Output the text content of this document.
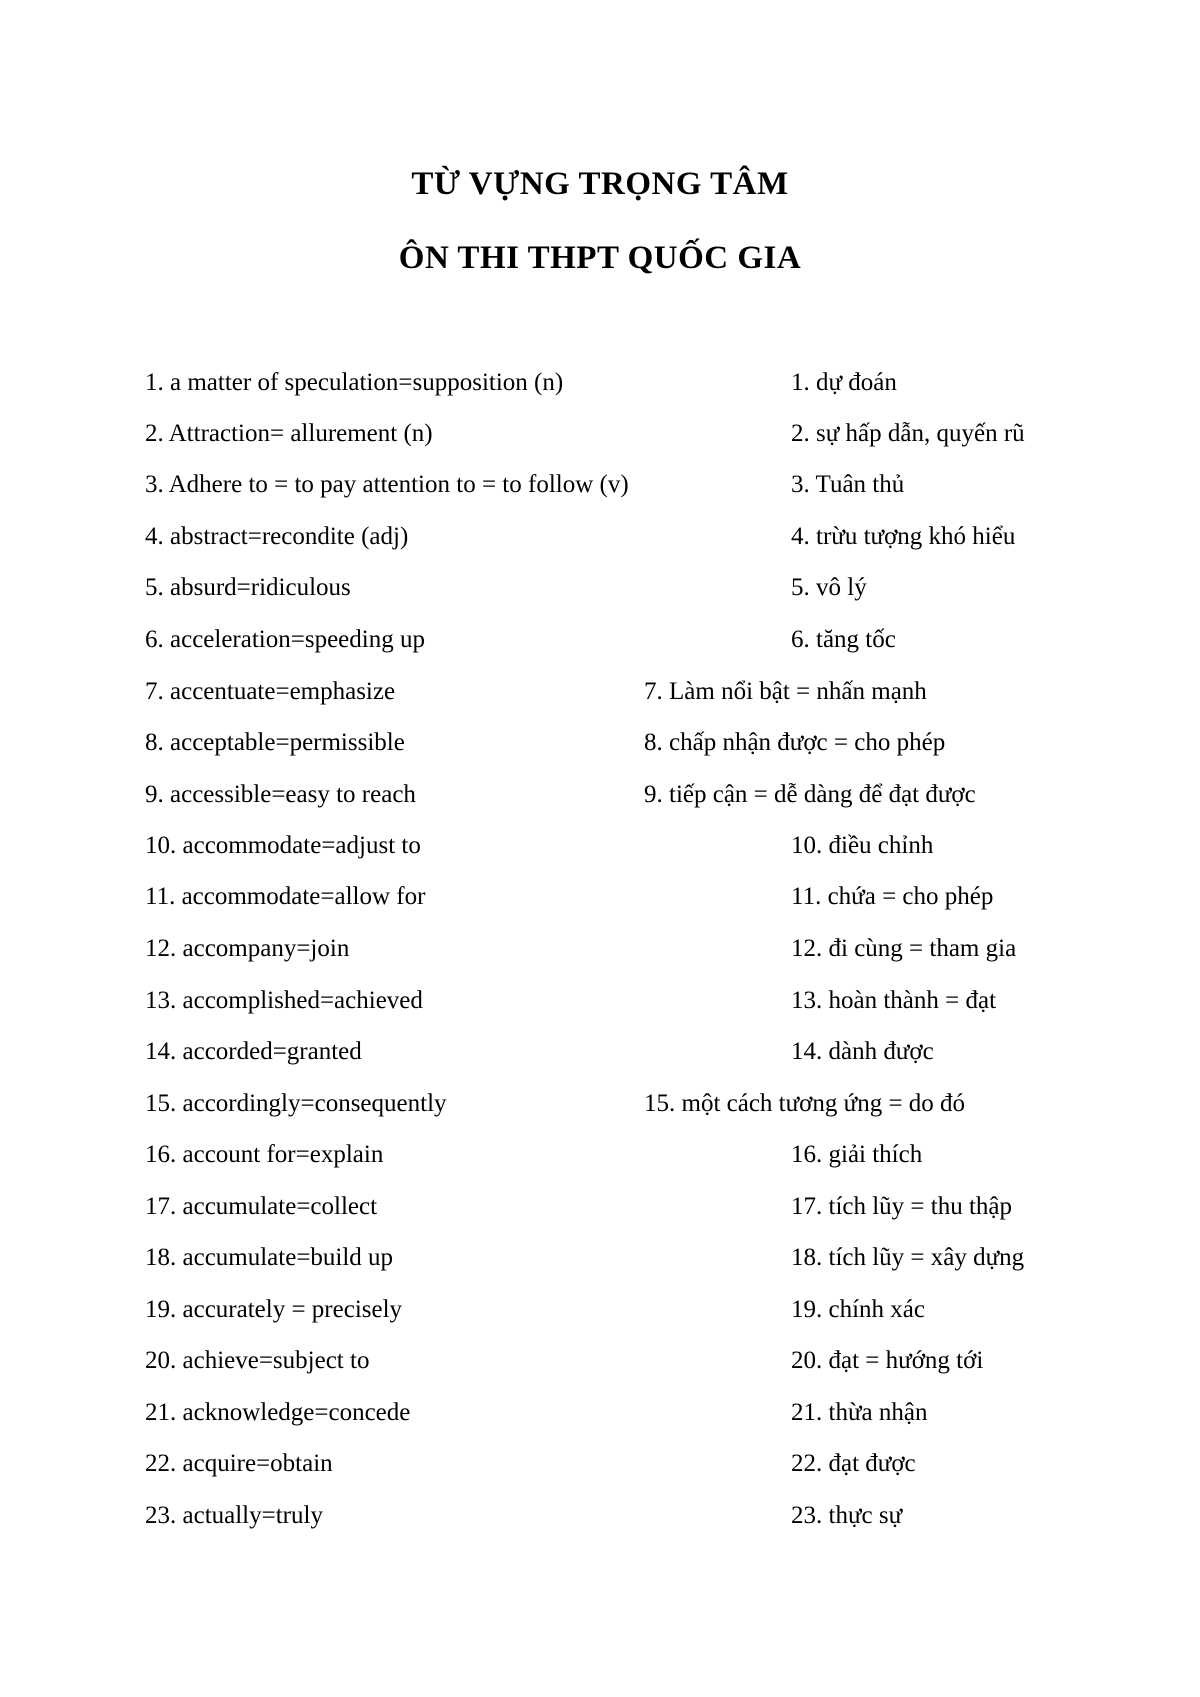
TỪ VỰNG TRỌNG TÂM
ÔN THI THPT QUỐC GIA
1. a matter of speculation=supposition (n)	1. dự đoán
2. Attraction= allurement (n)	2. sự hấp dẫn, quyến rũ
3. Adhere to = to pay attention to = to follow (v)	3. Tuân thủ
4. abstract=recondite (adj)	4. trừu tượng khó hiểu
5. absurd=ridiculous	5. vô lý
6. acceleration=speeding up	6. tăng tốc
7. accentuate=emphasize	7. Làm nổi bật = nhấn mạnh
8. acceptable=permissible	8. chấp nhận được = cho phép
9. accessible=easy to reach	9. tiếp cận = dễ dàng để đạt được
10. accommodate=adjust to	10. điều chỉnh
11. accommodate=allow for	11. chứa = cho phép
12. accompany=join	12. đi cùng = tham gia
13. accomplished=achieved	13. hoàn thành = đạt
14. accorded=granted	14. dành được
15. accordingly=consequently	15. một cách tương ứng = do đó
16. account for=explain	16. giải thích
17. accumulate=collect	17. tích lũy = thu thập
18. accumulate=build up	18. tích lũy = xây dựng
19. accurately = precisely	19. chính xác
20. achieve=subject to	20. đạt = hướng tới
21. acknowledge=concede	21. thừa nhận
22. acquire=obtain	22. đạt được
23. actually=truly	23. thực sự
